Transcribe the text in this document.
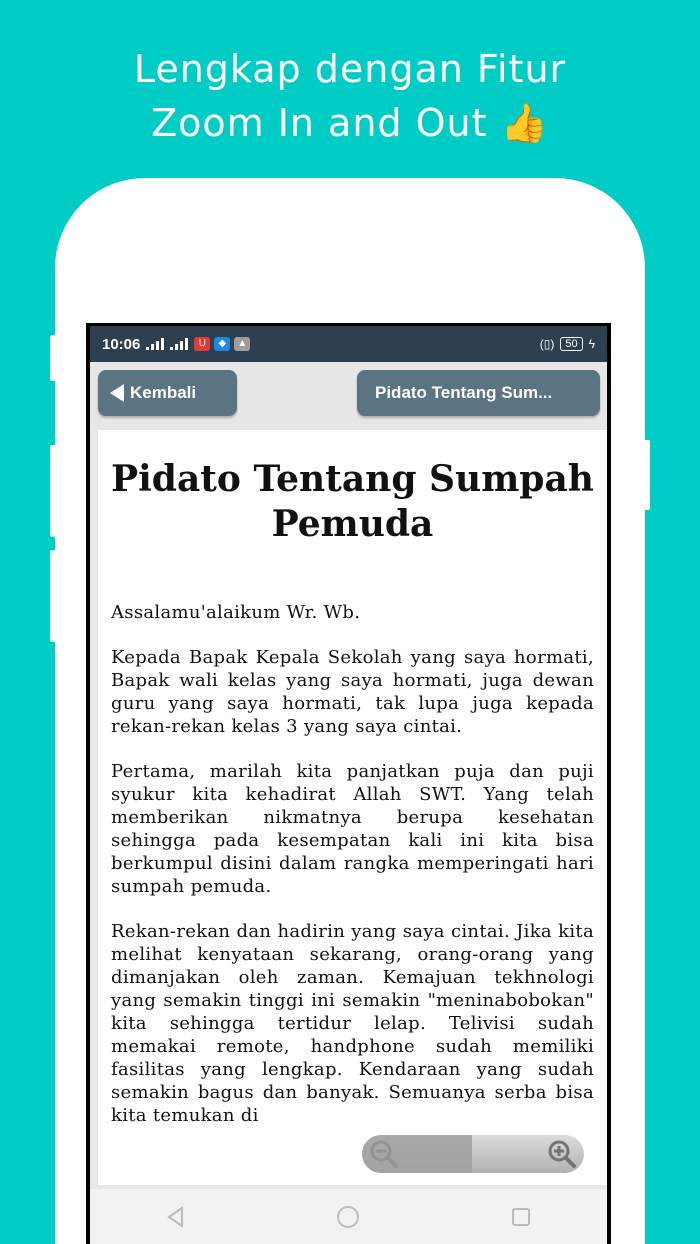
Lengkap dengan Fitur
Zoom In and Out 👍
10:06	U	◆	▲	(▯)	50 ϟ
Kembali	Pidato Tentang Sum...
Pidato Tentang Sumpah Pemuda

Assalamu'alaikum Wr. Wb.

Kepada Bapak Kepala Sekolah yang saya hormati, Bapak wali kelas yang saya hormati, juga dewan guru yang saya hormati, tak lupa juga kepada rekan-rekan kelas 3 yang saya cintai.

Pertama, marilah kita panjatkan puja dan puji syukur kita kehadirat Allah SWT. Yang telah memberikan nikmatnya berupa kesehatan sehingga pada kesempatan kali ini kita bisa berkumpul disini dalam rangka memperingati hari sumpah pemuda.

Rekan-rekan dan hadirin yang saya cintai. Jika kita melihat kenyataan sekarang, orang-orang yang dimanjakan oleh zaman. Kemajuan tekhnologi yang semakin tinggi ini semakin "meninabobokan" kita sehingga tertidur lelap. Telivisi sudah memakai remote, handphone sudah memiliki fasilitas yang lengkap. Kendaraan yang sudah semakin bagus dan banyak. Semuanya serba bisa kita temukan di
